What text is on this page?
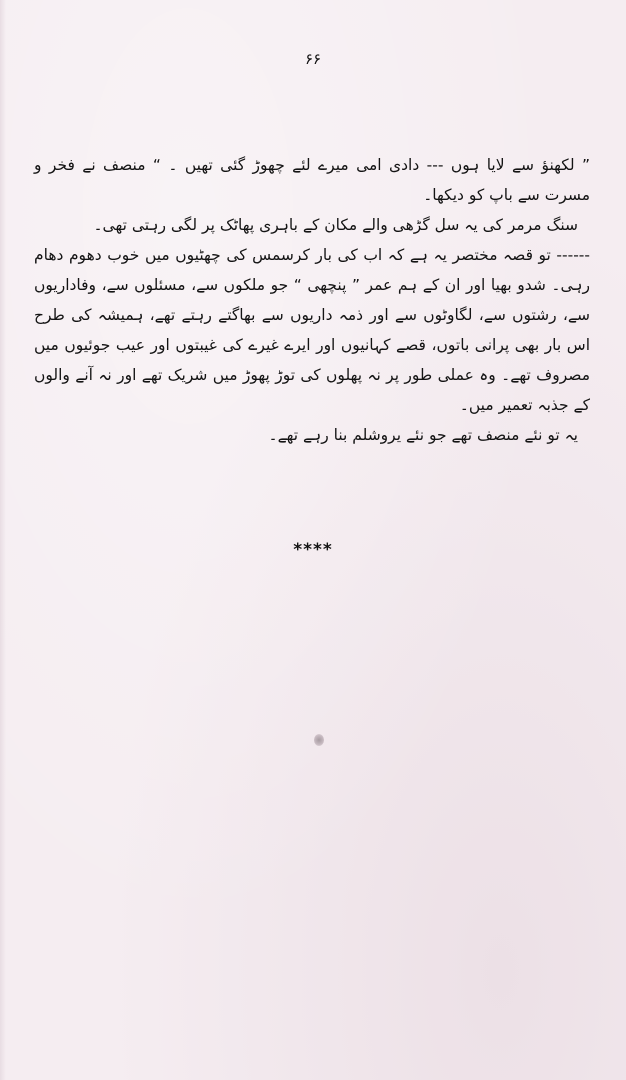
۶۶

” لکھنؤ سے لایا ہوں --- دادی امی میرے لئے چھوڑ گئی تھیں ۔ “ منصف نے فخر و مسرت سے باپ کو دیکھا۔

سنگ مرمر کی یہ سل گڑھی والے مکان کے باہری پھاٹک پر لگی رہتی تھی۔

------ تو قصہ مختصر یہ ہے کہ اب کی بار کرسمس کی چھٹیوں میں خوب دھوم دھام رہی۔ شدو بھیا اور ان کے ہم عمر ” پنچھی “ جو ملکوں سے، مسئلوں سے، وفاداریوں سے، رشتوں سے، لگاوٹوں سے اور ذمہ داریوں سے بھاگتے رہتے تھے، ہمیشہ کی طرح اس بار بھی پرانی باتوں، قصے کہانیوں اور ایرے غیرے کی غیبتوں اور عیب جوئیوں میں مصروف تھے۔ وہ عملی طور پر نہ پھلوں کی توڑ پھوڑ میں شریک تھے اور نہ آنے والوں کے جذبہ تعمیر میں۔

یہ تو نئے منصف تھے جو نئے یروشلم بنا رہے تھے۔

****
